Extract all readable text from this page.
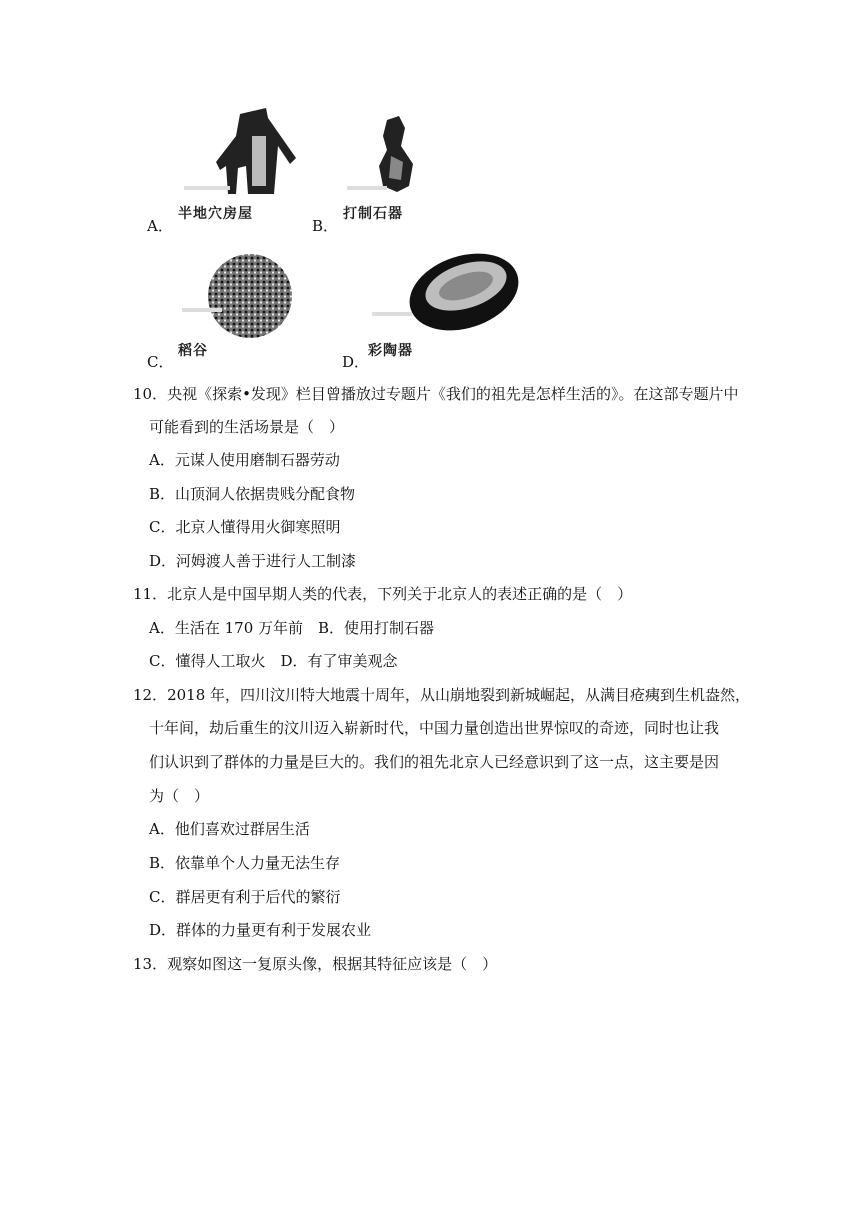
A．
半地穴房屋
B．
打制石器
C．
稻谷
D．
彩陶器
10．央视《探索•发现》栏目曾播放过专题片《我们的祖先是怎样生活的》。在这部专题片中
可能看到的生活场景是（　）
A．元谋人使用磨制石器劳动
B．山顶洞人依据贵贱分配食物
C．北京人懂得用火御寒照明
D．河姆渡人善于进行人工制漆
11．北京人是中国早期人类的代表，下列关于北京人的表述正确的是（　）
A．生活在 170 万年前　B．使用打制石器
C．懂得人工取火　D．有了审美观念
12．2018 年，四川汶川特大地震十周年，从山崩地裂到新城崛起，从满目疮痍到生机盎然，
十年间，劫后重生的汶川迈入崭新时代，中国力量创造出世界惊叹的奇迹，同时也让我
们认识到了群体的力量是巨大的。我们的祖先北京人已经意识到了这一点，这主要是因
为（　）
A．他们喜欢过群居生活
B．依靠单个人力量无法生存
C．群居更有利于后代的繁衍
D．群体的力量更有利于发展农业
13．观察如图这一复原头像，根据其特征应该是（　）
